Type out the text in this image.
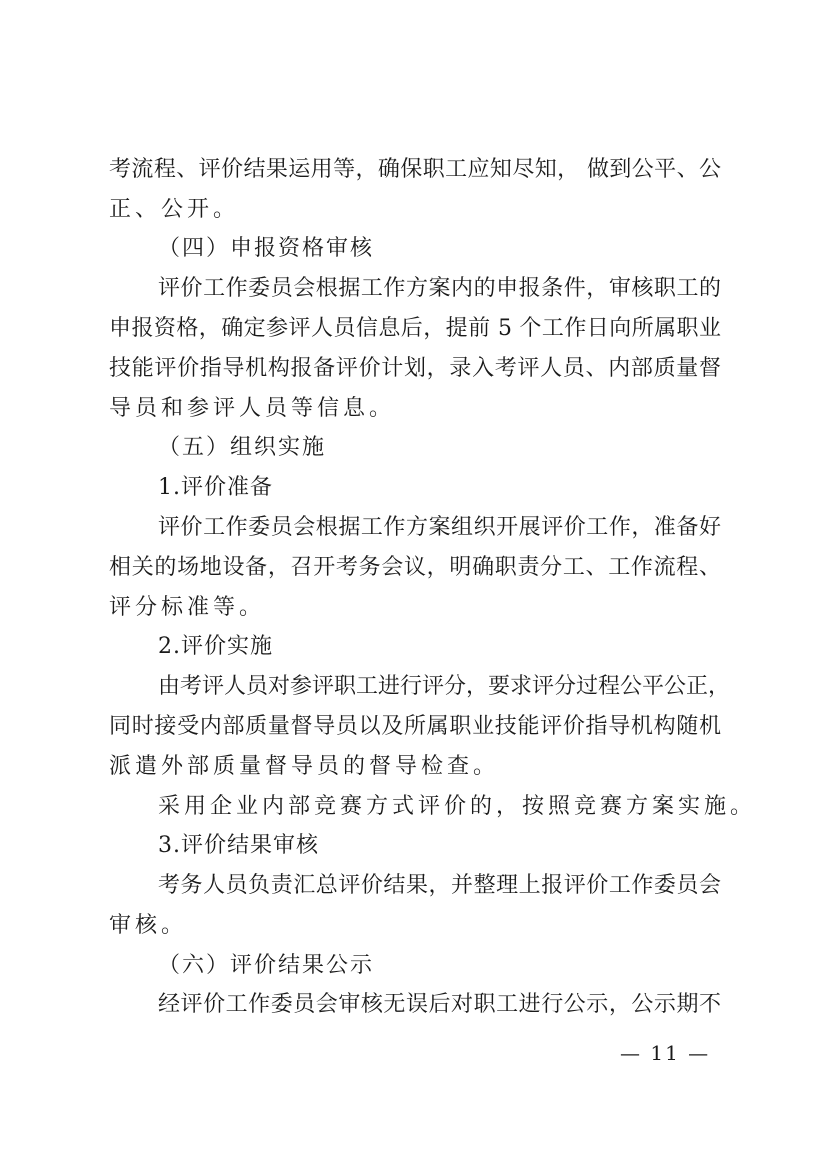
考流程、评价结果运用等，确保职工应知尽知， 做到公平、公
正、公开。
（四）申报资格审核
评价工作委员会根据工作方案内的申报条件，审核职工的
申报资格，确定参评人员信息后，提前 5 个工作日向所属职业
技能评价指导机构报备评价计划，录入考评人员、内部质量督
导员和参评人员等信息。
（五）组织实施
1.评价准备
评价工作委员会根据工作方案组织开展评价工作，准备好
相关的场地设备，召开考务会议，明确职责分工、工作流程、
评分标准等。
2.评价实施
由考评人员对参评职工进行评分，要求评分过程公平公正，
同时接受内部质量督导员以及所属职业技能评价指导机构随机
派遣外部质量督导员的督导检查。
采用企业内部竞赛方式评价的，按照竞赛方案实施。
3.评价结果审核
考务人员负责汇总评价结果，并整理上报评价工作委员会
审核。
（六）评价结果公示
经评价工作委员会审核无误后对职工进行公示，公示期不
— 11 —
